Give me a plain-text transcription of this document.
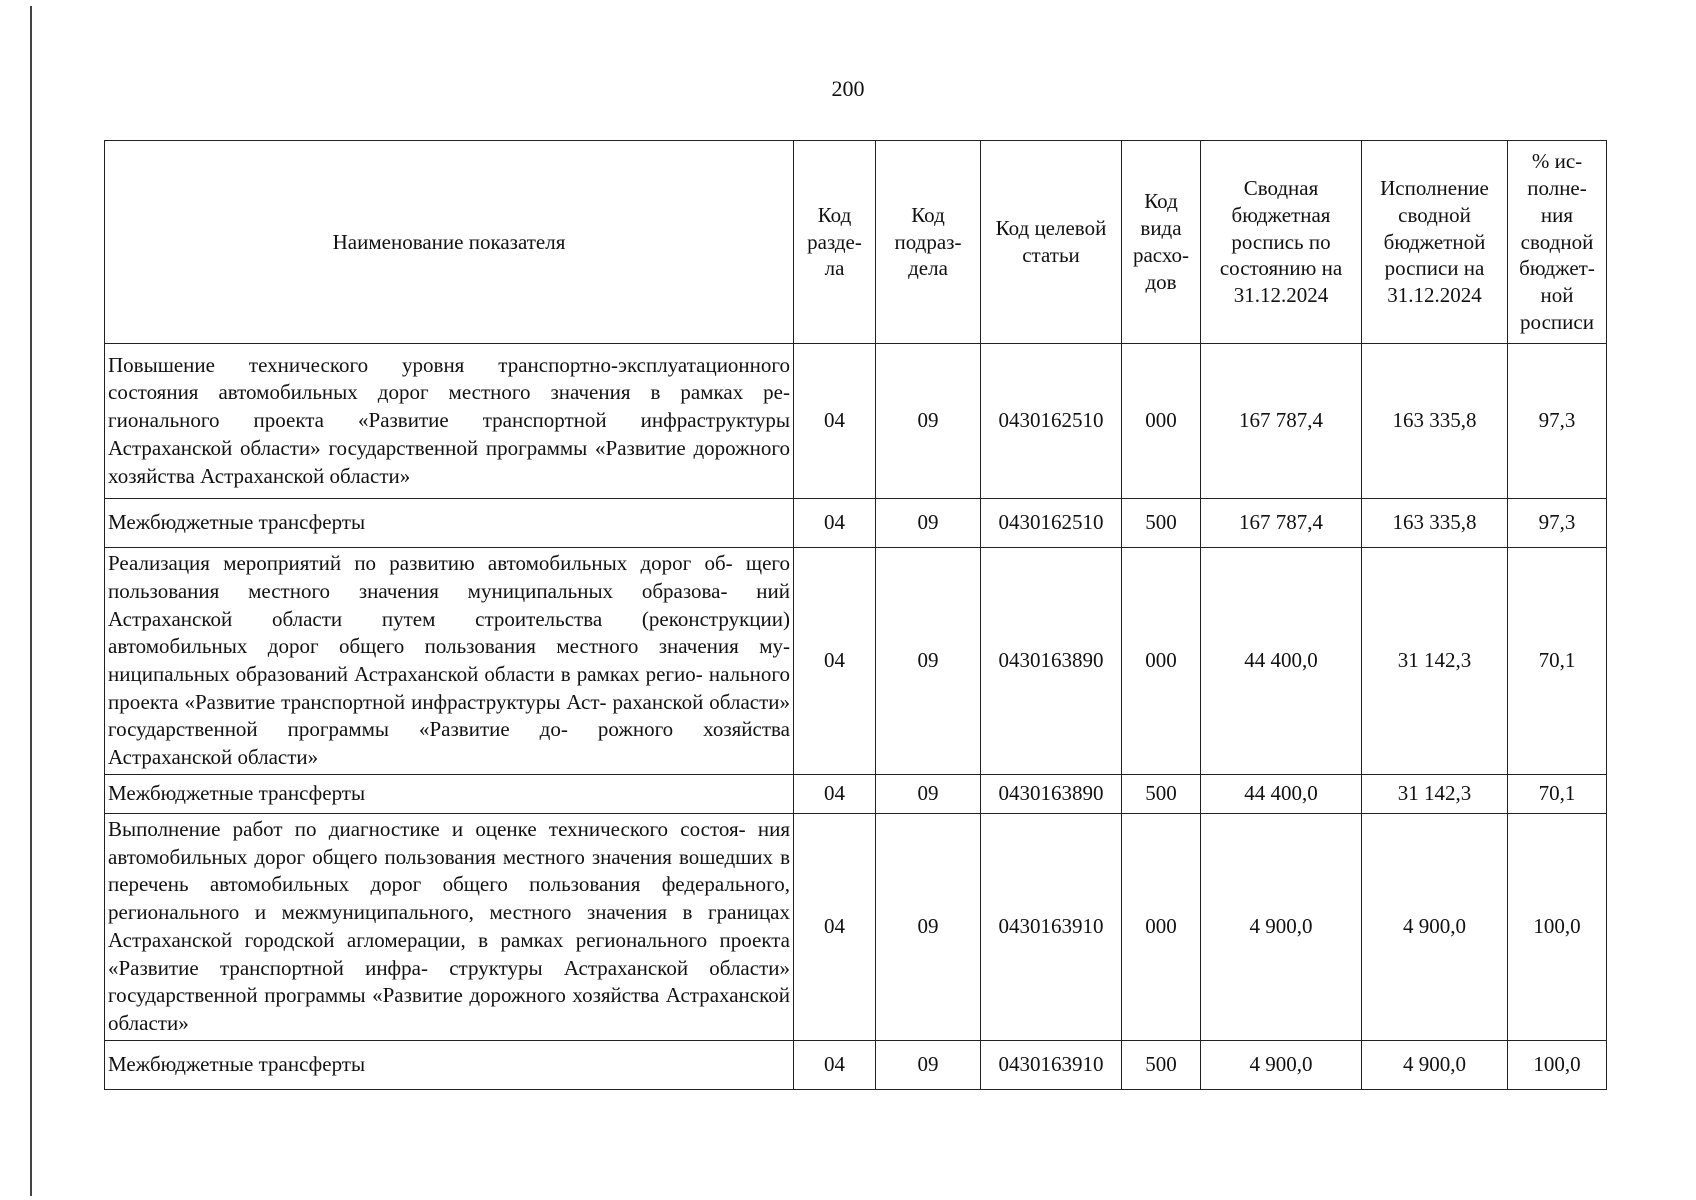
200
Наименование показателя	Код разде- ла	Код подраз- дела	Код целевой статьи	Код вида расхо- дов	Сводная бюджетная роспись по состоянию на 31.12.2024	Исполнение сводной бюджетной росписи на 31.12.2024	% ис- полне- ния сводной бюджет- ной росписи
Повышение технического уровня транспортно-эксплуатационного состояния автомобильных дорог местного значения в рамках ре- гионального проекта «Развитие транспортной инфраструктуры Астраханской области» государственной программы «Развитие дорожного хозяйства Астраханской области»	04	09	0430162510	000	167 787,4	163 335,8	97,3
Межбюджетные трансферты	04	09	0430162510	500	167 787,4	163 335,8	97,3
Реализация мероприятий по развитию автомобильных дорог об- щего пользования местного значения муниципальных образова- ний Астраханской области путем строительства (реконструкции) автомобильных дорог общего пользования местного значения му- ниципальных образований Астраханской области в рамках регио- нального проекта «Развитие транспортной инфраструктуры Аст- раханской области» государственной программы «Развитие до- рожного хозяйства Астраханской области»	04	09	0430163890	000	44 400,0	31 142,3	70,1
Межбюджетные трансферты	04	09	0430163890	500	44 400,0	31 142,3	70,1
Выполнение работ по диагностике и оценке технического состоя- ния автомобильных дорог общего пользования местного значения вошедших в перечень автомобильных дорог общего пользования федерального, регионального и межмуниципального, местного значения в границах Астраханской городской агломерации, в рамках регионального проекта «Развитие транспортной инфра- структуры Астраханской области» государственной программы «Развитие дорожного хозяйства Астраханской области»	04	09	0430163910	000	4 900,0	4 900,0	100,0
Межбюджетные трансферты	04	09	0430163910	500	4 900,0	4 900,0	100,0
